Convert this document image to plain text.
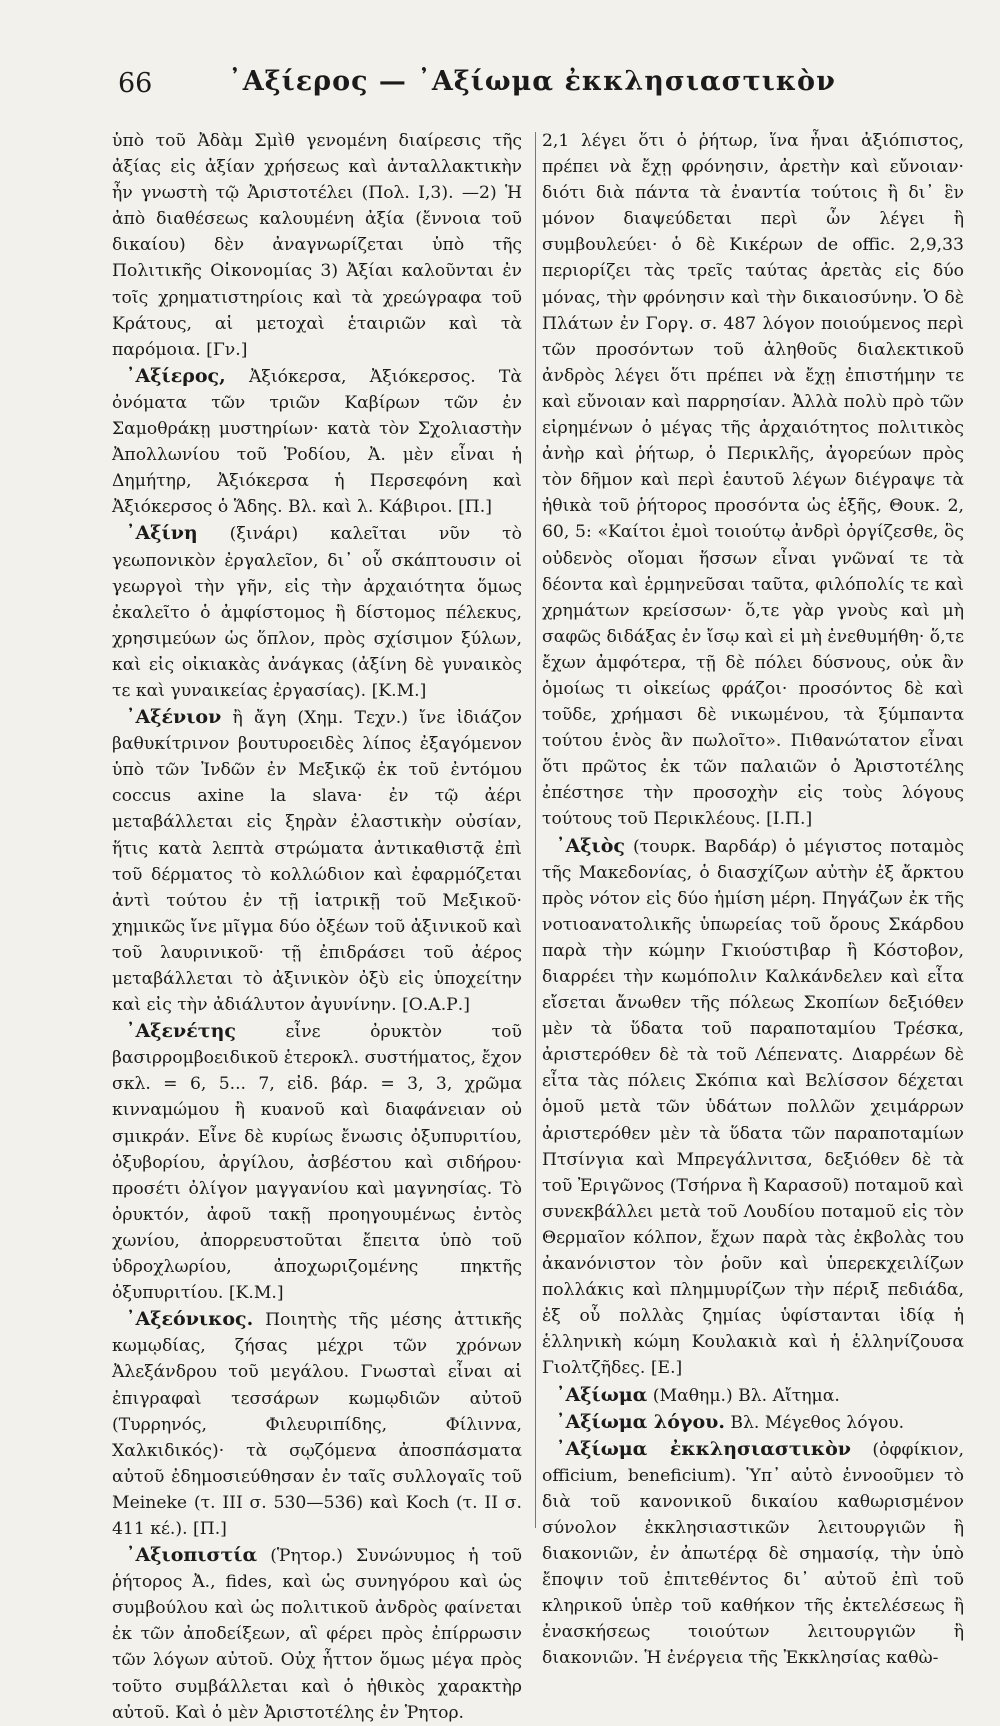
66	᾿Αξίερος — ᾿Αξίωμα ἐκκλησιαστικὸν

ὑπὸ τοῦ Ἀδὰμ Σμὶθ γενομένη διαίρεσις τῆς ἀξίας εἰς ἀξίαν χρήσεως καὶ ἀνταλλακτικὴν ἦν γνωστὴ τῷ Ἀριστοτέλει (Πολ. I,3). —2) Ἡ ἀπὸ διαθέσεως καλουμένη ἀξία (ἔννοια τοῦ δικαίου) δὲν ἀναγνωρίζεται ὑπὸ τῆς Πολιτικῆς Οἰκονομίας 3) Ἀξίαι καλοῦνται ἐν τοῖς χρηματιστηρίοις καὶ τὰ χρεώγραφα τοῦ Κράτους, αἱ μετοχαὶ ἑταιριῶν καὶ τὰ παρόμοια. [Γν.]

᾿Αξίερος, Ἀξιόκερσα, Ἀξιόκερσος. Τὰ ὀνόματα τῶν τριῶν Καβίρων τῶν ἐν Σαμοθράκῃ μυστηρίων· κατὰ τὸν Σχολιαστὴν Ἀπολλωνίου τοῦ Ῥοδίου, Ἀ. μὲν εἶναι ἡ Δημήτηρ, Ἀξιόκερσα ἡ Περσεφόνη καὶ Ἀξιόκερσος ὁ Ἅδης. Βλ. καὶ λ. Κάβιροι. [Π.]

᾿Αξίνη (ξινάρι) καλεῖται νῦν τὸ γεωπονικὸν ἐργαλεῖον, δι᾿ οὗ σκάπτουσιν οἱ γεωργοὶ τὴν γῆν, εἰς τὴν ἀρχαιότητα ὅμως ἐκαλεῖτο ὁ ἀμφίστομος ἢ δίστομος πέλεκυς, χρησιμεύων ὡς ὅπλον, πρὸς σχίσιμον ξύλων, καὶ εἰς οἰκιακὰς ἀνάγκας (ἀξίνη δὲ γυναικὸς τε καὶ γυναικείας ἐργασίας). [Κ.Μ.]

᾿Αξένιον ἢ ἄγη (Χημ. Τεχν.) ἴνε ἰδιάζον βαθυκίτρινον βουτυροειδὲς λίπος ἐξαγόμενον ὑπὸ τῶν Ἰνδῶν ἐν Μεξικῷ ἐκ τοῦ ἐντόμου coccus axine la slava· ἐν τῷ ἀέρι μεταβάλλεται εἰς ξηρὰν ἐλαστικὴν οὐσίαν, ἥτις κατὰ λεπτὰ στρώματα ἀντικαθιστᾷ ἐπὶ τοῦ δέρματος τὸ κολλώδιον καὶ ἐφαρμόζεται ἀντὶ τούτου ἐν τῇ ἰατρικῇ τοῦ Μεξικοῦ· χημικῶς ἴνε μῖγμα δύο ὀξέων τοῦ ἀξινικοῦ καὶ τοῦ λαυρινικοῦ· τῇ ἐπιδράσει τοῦ ἀέρος μεταβάλλεται τὸ ἀξινικὸν ὀξὺ εἰς ὑποχείτην καὶ εἰς τὴν ἀδιάλυτον ἀγυνίνην. [Ο.Α.Ρ.]

᾿Αξενέτης	εἶνε ὀρυκτὸν τοῦ βασιρρομβοειδικοῦ ἑτεροκλ. συστήματος, ἔχον σκλ. = 6, 5... 7, εἰδ. βάρ. = 3, 3, χρῶμα κινναμώμου ἢ κυανοῦ καὶ διαφάνειαν οὐ σμικράν. Εἶνε δὲ κυρίως ἔνωσις ὀξυπυριτίου, ὀξυβορίου, ἀργίλου, ἀσβέστου καὶ σιδήρου· προσέτι ὀλίγον μαγγανίου καὶ μαγνησίας. Τὸ ὀρυκτόν, ἀφοῦ τακῇ προηγουμένως ἐντὸς χωνίου, ἀπορρευστοῦται ἔπειτα ὑπὸ τοῦ ὑδροχλωρίου, ἀποχωριζομένης πηκτῆς ὀξυπυριτίου. [Κ.Μ.]

᾿Αξεόνικος. Ποιητὴς τῆς μέσης ἀττικῆς κωμῳδίας, ζήσας μέχρι τῶν χρόνων Ἀλεξάνδρου τοῦ μεγάλου. Γνωσταὶ εἶναι αἱ ἐπιγραφαὶ τεσσάρων κωμῳδιῶν αὐτοῦ (Τυρρηνός, Φιλευριπίδης, Φίλιννα, Χαλκιδικός)· τὰ σῳζόμενα ἀποσπάσματα αὐτοῦ ἐδημοσιεύθησαν ἐν ταῖς συλλογαῖς τοῦ Meineke (τ. III σ. 530—536) καὶ Koch (τ. II σ. 411 κέ.). [Π.]

᾿Αξιοπιστία (Ῥητορ.) Συνώνυμος ἡ τοῦ ῥήτορος Ἀ., fides, καὶ ὡς συνηγόρου καὶ ὡς συμβούλου καὶ ὡς πολιτικοῦ ἀνδρὸς φαίνεται ἐκ τῶν ἀποδείξεων, αἳ φέρει πρὸς ἐπίρρωσιν τῶν λόγων αὐτοῦ. Οὐχ ἧττον ὅμως μέγα πρὸς τοῦτο συμβάλλεται καὶ ὁ ἠθικὸς χαρακτὴρ αὐτοῦ. Καὶ ὁ μὲν Ἀριστοτέλης ἐν Ῥητορ.

2,1 λέγει ὅτι ὁ ῥήτωρ, ἵνα ἦναι ἀξιόπιστος, πρέπει νὰ ἔχῃ φρόνησιν, ἀρετὴν καὶ εὔνοιαν· διότι διὰ πάντα τὰ ἐναντία τούτοις ἢ δι᾿ ἓν μόνον διαψεύδεται περὶ ὧν λέγει ἢ συμβουλεύει· ὁ δὲ Κικέρων de offic. 2,9,33 περιορίζει τὰς τρεῖς ταύτας ἀρετὰς εἰς δύο μόνας, τὴν φρόνησιν καὶ τὴν δικαιοσύνην. Ὁ δὲ Πλάτων ἐν Γοργ. σ. 487 λόγον ποιούμενος περὶ τῶν προσόντων τοῦ ἀληθοῦς διαλεκτικοῦ ἀνδρὸς λέγει ὅτι πρέπει νὰ ἔχῃ ἐπιστήμην τε καὶ εὔνοιαν καὶ παρρησίαν. Ἀλλὰ πολὺ πρὸ τῶν εἰρημένων ὁ μέγας τῆς ἀρχαιότητος πολιτικὸς ἀνὴρ καὶ ῥήτωρ, ὁ Περικλῆς, ἀγορεύων πρὸς τὸν δῆμον καὶ περὶ ἑαυτοῦ λέγων διέγραψε τὰ ἠθικὰ τοῦ ῥήτορος προσόντα ὡς ἑξῆς, Θουκ. 2, 60, 5: «Καίτοι ἐμοὶ τοιούτῳ ἀνδρὶ ὀργίζεσθε, ὃς οὐδενὸς οἴομαι ἥσσων εἶναι γνῶναί τε τὰ δέοντα καὶ ἑρμηνεῦσαι ταῦτα, φιλόπολίς τε καὶ χρημάτων κρείσσων· ὅ,τε γὰρ γνοὺς καὶ μὴ σαφῶς διδάξας ἐν ἴσῳ καὶ εἰ μὴ ἐνεθυμήθη· ὅ,τε ἔχων ἀμφότερα, τῇ δὲ πόλει δύσνους, οὐκ ἂν ὁμοίως τι οἰκείως φράζοι· προσόντος δὲ καὶ τοῦδε, χρήμασι δὲ νικωμένου, τὰ ξύμπαντα τούτου ἑνὸς ἂν πωλοῖτο». Πιθανώτατον εἶναι ὅτι πρῶτος ἐκ τῶν παλαιῶν ὁ Ἀριστοτέλης ἐπέστησε τὴν προσοχὴν εἰς τοὺς λόγους τούτους τοῦ Περικλέους. [Ι.Π.]

᾿Αξιὸς (τουρκ. Βαρδάρ) ὁ μέγιστος ποταμὸς τῆς Μακεδονίας, ὁ διασχίζων αὐτὴν ἐξ ἄρκτου πρὸς νότον εἰς δύο ἡμίση μέρη. Πηγάζων ἐκ τῆς νοτιοανατολικῆς ὑπωρείας τοῦ ὄρους Σκάρδου παρὰ τὴν κώμην Γκιούστιβαρ ἢ Κόστοβον, διαρρέει τὴν κωμόπολιν Καλκάνδελεν καὶ εἶτα εἴσεται ἄνωθεν τῆς πόλεως Σκοπίων δεξιόθεν μὲν τὰ ὕδατα τοῦ παραποταμίου Τρέσκα, ἀριστερόθεν δὲ τὰ τοῦ Λέπενατς. Διαρρέων δὲ εἶτα τὰς πόλεις Σκόπια καὶ Βελίσσον δέχεται ὁμοῦ μετὰ τῶν ὑδάτων πολλῶν χειμάρρων ἀριστερόθεν μὲν τὰ ὕδατα τῶν παραποταμίων Πτσίνγια καὶ Μπρεγάλνιτσα, δεξιόθεν δὲ τὰ τοῦ Ἐριγῶνος (Τσήρνα ἢ Καρασοῦ) ποταμοῦ καὶ συνεκβάλλει μετὰ τοῦ Λουδίου ποταμοῦ εἰς τὸν Θερμαῖον κόλπον, ἔχων παρὰ τὰς ἐκβολὰς του ἀκανόνιστον τὸν ῥοῦν καὶ ὑπερεκχειλίζων πολλάκις καὶ πλημμυρίζων τὴν πέριξ πεδιάδα, ἐξ οὗ πολλὰς ζημίας ὑφίστανται ἰδίᾳ ἡ ἑλληνικὴ κώμη Κουλακιὰ καὶ ἡ ἑλληνίζουσα Γιολτζῆδες. [Ε.]

᾿Αξίωμα (Μαθημ.) Βλ. Αἴτημα.

᾿Αξίωμα λόγου. Βλ. Μέγεθος λόγου.

᾿Αξίωμα ἐκκλησιαστικὸν (ὀφφίκιον, officium, beneficium). Ὑπ᾿ αὐτὸ ἐννοοῦμεν τὸ διὰ τοῦ κανονικοῦ δικαίου καθωρισμένον σύνολον ἐκκλησιαστικῶν λειτουργιῶν ἢ διακονιῶν, ἐν ἀπωτέρᾳ δὲ σημασίᾳ, τὴν ὑπὸ ἔποψιν τοῦ ἐπιτεθέντος δι᾿ αὐτοῦ ἐπὶ τοῦ κληρικοῦ ὑπὲρ τοῦ καθήκον τῆς ἐκτελέσεως ἢ ἐνασκήσεως τοιούτων λειτουργιῶν ἢ διακονιῶν. Ἡ ἐνέργεια τῆς Ἐκκλησίας καθὼ-
